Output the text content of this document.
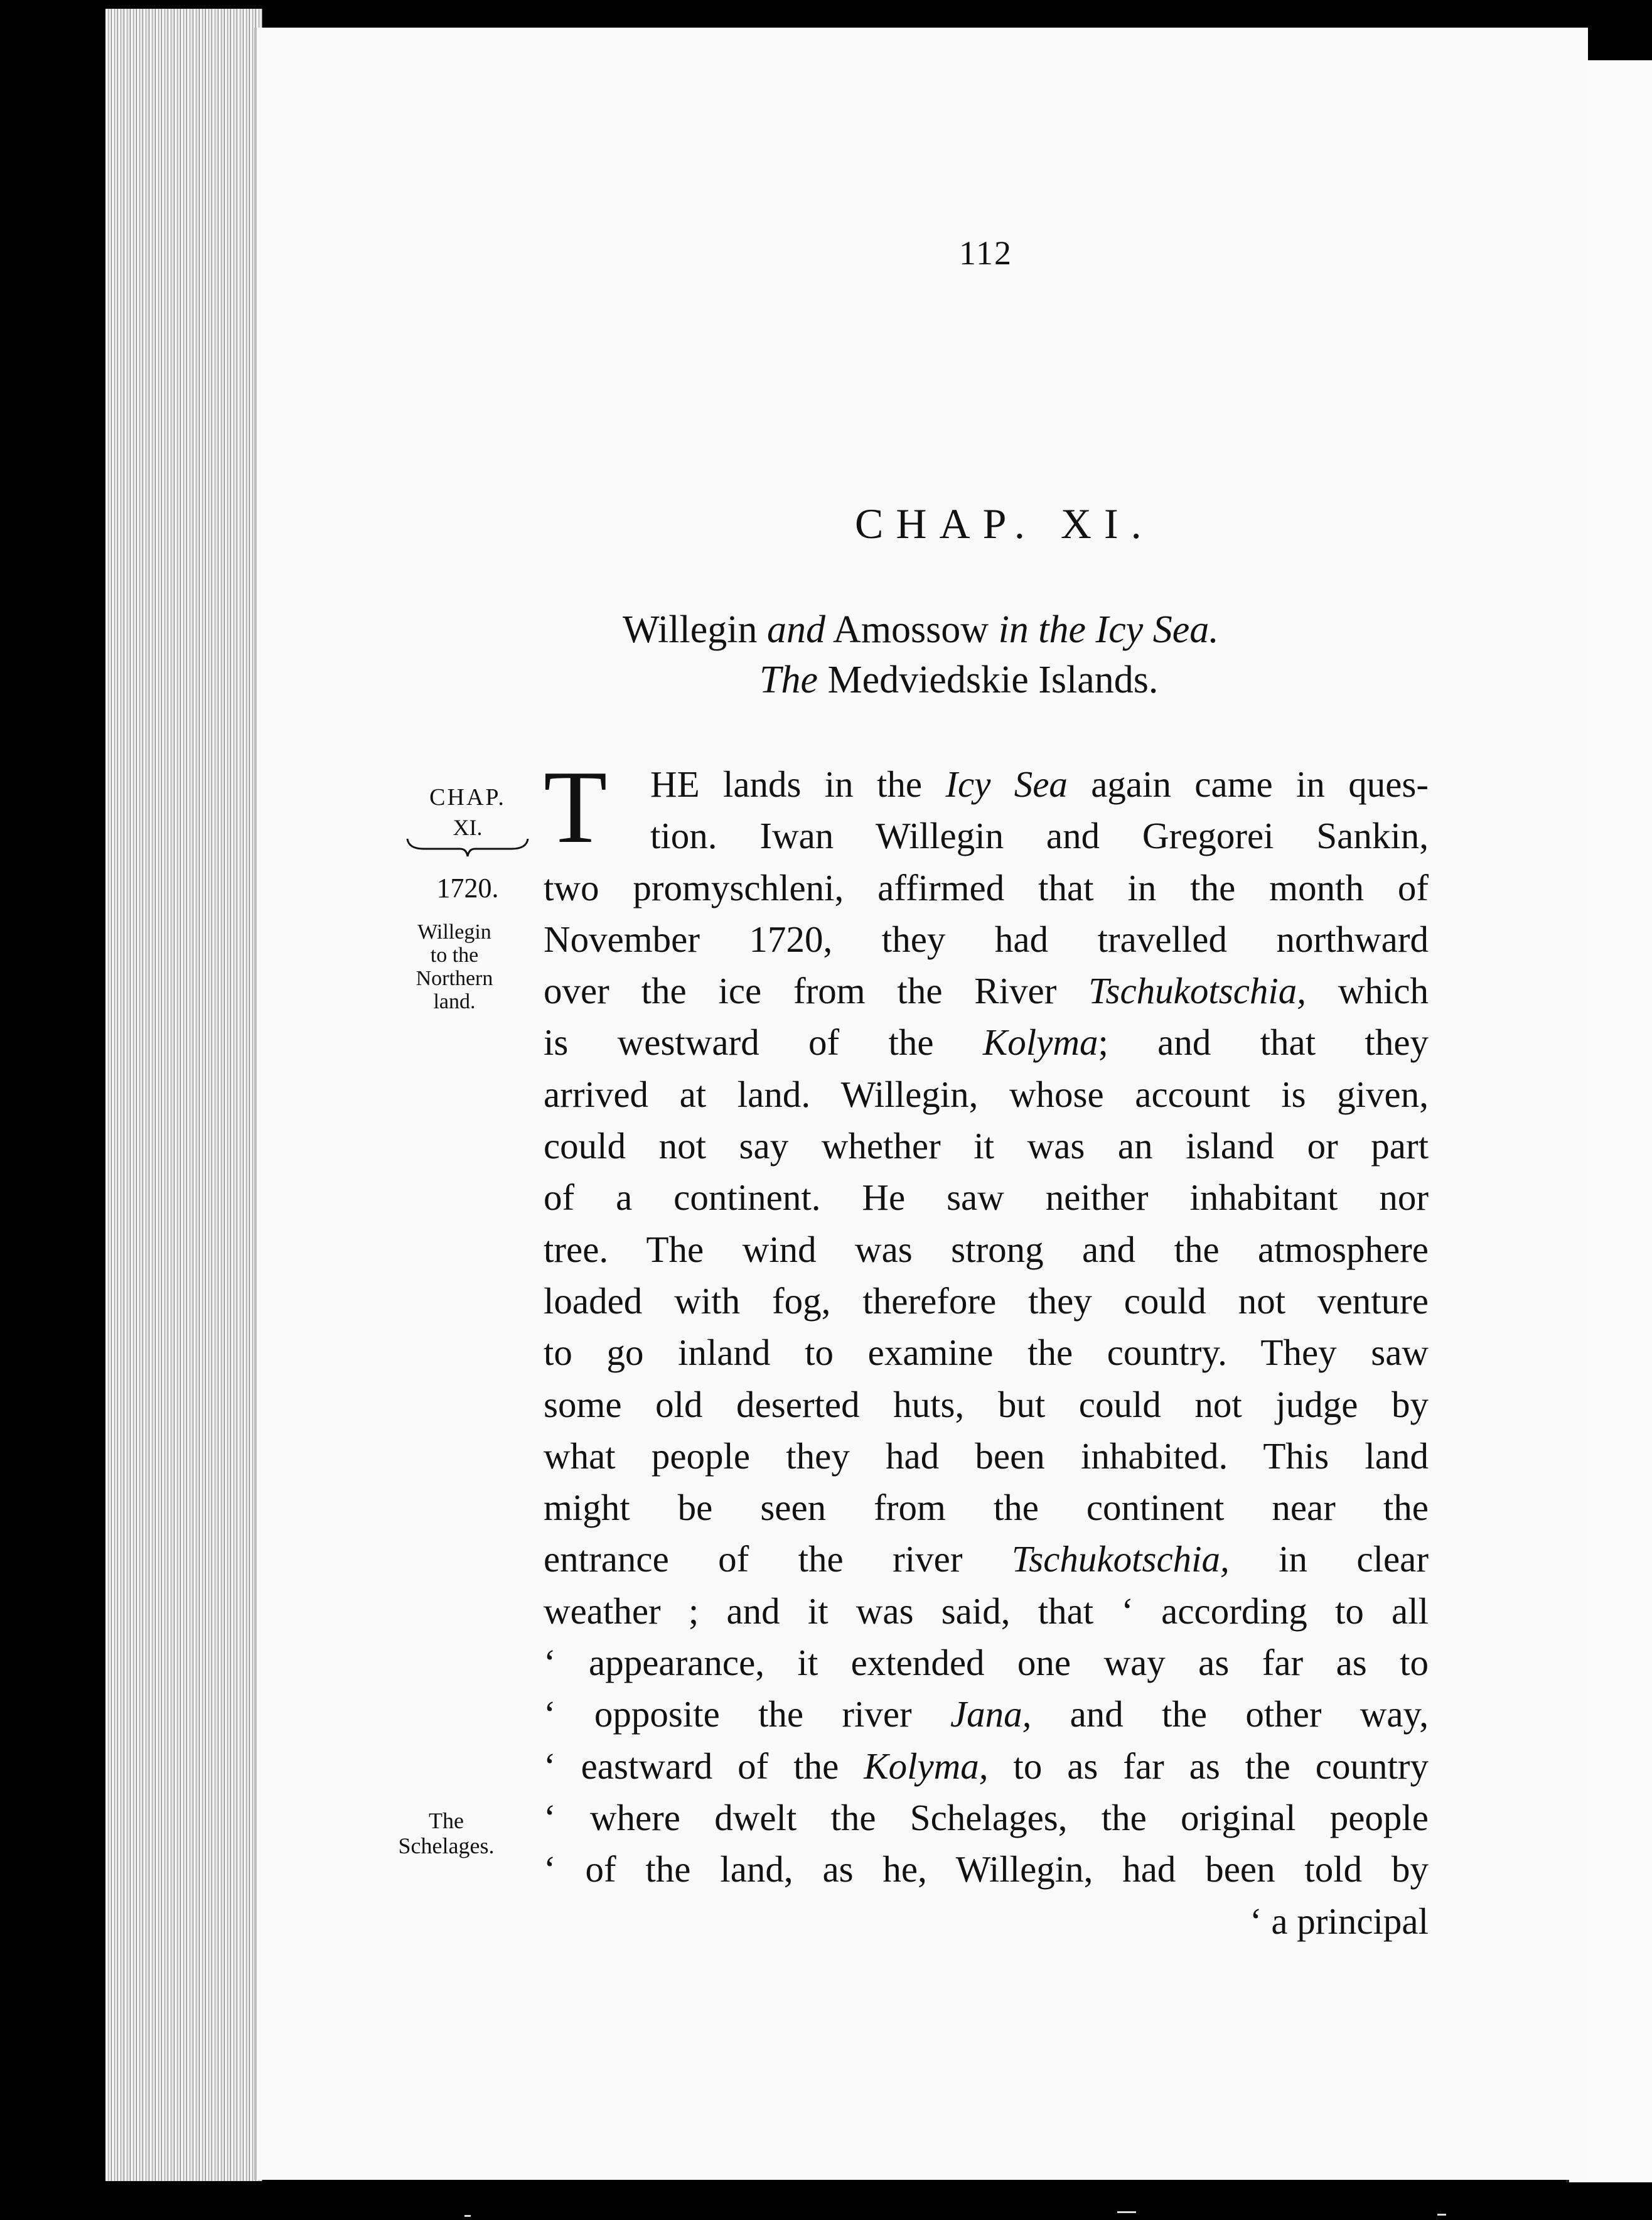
112
CHAP. XI.
Willegin and Amossow in the Icy Sea.
The Medviedskie Islands.
CHAP.
XI.
1720.
Willegin
to the
Northern
land.
The
Schelages.
T	HE lands in the Icy Sea again came in ques-
tion. Iwan Willegin and Gregorei Sankin,
two promyschleni, affirmed that in the month of
November 1720, they had travelled northward
over the ice from the River Tschukotschia, which
is westward of the Kolyma; and that they
arrived at land. Willegin, whose account is given,
could not say whether it was an island or part
of a continent. He saw neither inhabitant nor
tree. The wind was strong and the atmosphere
loaded with fog, therefore they could not venture
to go inland to examine the country. They saw
some old deserted huts, but could not judge by
what people they had been inhabited. This land
might be seen from the continent near the
entrance of the river Tschukotschia, in clear
weather ; and it was said, that ‘ according to all
‘ appearance, it extended one way as far as to
‘ opposite the river Jana, and the other way,
‘ eastward of the Kolyma, to as far as the country
‘ where dwelt the Schelages, the original people
‘ of the land, as he, Willegin, had been told by
‘ a principal
